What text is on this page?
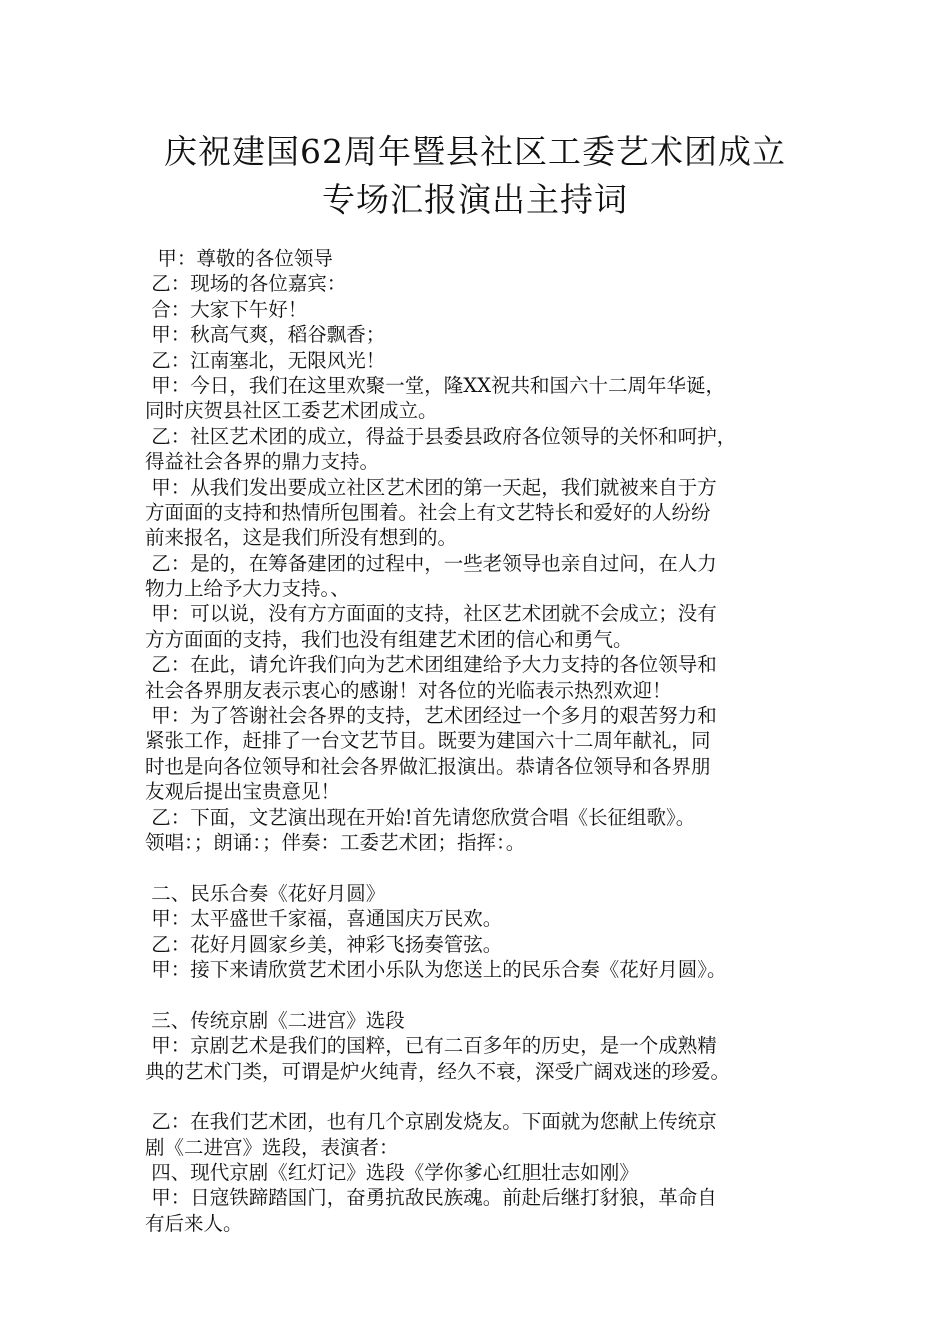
庆祝建国62周年暨县社区工委艺术团成立
专场汇报演出主持词
甲：尊敬的各位领导
乙：现场的各位嘉宾：
合：大家下午好！
甲：秋高气爽，稻谷飘香；
乙：江南塞北，无限风光！
甲：今日，我们在这里欢聚一堂，隆XX祝共和国六十二周年华诞，
同时庆贺县社区工委艺术团成立。
乙：社区艺术团的成立，得益于县委县政府各位领导的关怀和呵护，
得益社会各界的鼎力支持。
甲：从我们发出要成立社区艺术团的第一天起，我们就被来自于方
方面面的支持和热情所包围着。社会上有文艺特长和爱好的人纷纷
前来报名，这是我们所没有想到的。
乙：是的，在筹备建团的过程中，一些老领导也亲自过问，在人力
物力上给予大力支持。、
甲：可以说，没有方方面面的支持，社区艺术团就不会成立；没有
方方面面的支持，我们也没有组建艺术团的信心和勇气。
乙：在此，请允许我们向为艺术团组建给予大力支持的各位领导和
社会各界朋友表示衷心的感谢！对各位的光临表示热烈欢迎！
甲：为了答谢社会各界的支持，艺术团经过一个多月的艰苦努力和
紧张工作，赶排了一台文艺节目。既要为建国六十二周年献礼，同
时也是向各位领导和社会各界做汇报演出。恭请各位领导和各界朋
友观后提出宝贵意见！
乙：下面，文艺演出现在开始!首先请您欣赏合唱《长征组歌》。
领唱：；朗诵：；伴奏：工委艺术团；指挥：。
二、民乐合奏《花好月圆》
甲：太平盛世千家福，喜通国庆万民欢。
乙：花好月圆家乡美，神彩飞扬奏管弦。
甲：接下来请欣赏艺术团小乐队为您送上的民乐合奏《花好月圆》。
三、传统京剧《二进宫》选段
甲：京剧艺术是我们的国粹，已有二百多年的历史，是一个成熟精
典的艺术门类，可谓是炉火纯青，经久不衰，深受广阔戏迷的珍爱。
乙：在我们艺术团，也有几个京剧发烧友。下面就为您献上传统京
剧《二进宫》选段，表演者：
四、现代京剧《红灯记》选段《学你爹心红胆壮志如刚》
甲：日寇铁蹄踏国门，奋勇抗敌民族魂。前赴后继打豺狼，革命自
有后来人。
